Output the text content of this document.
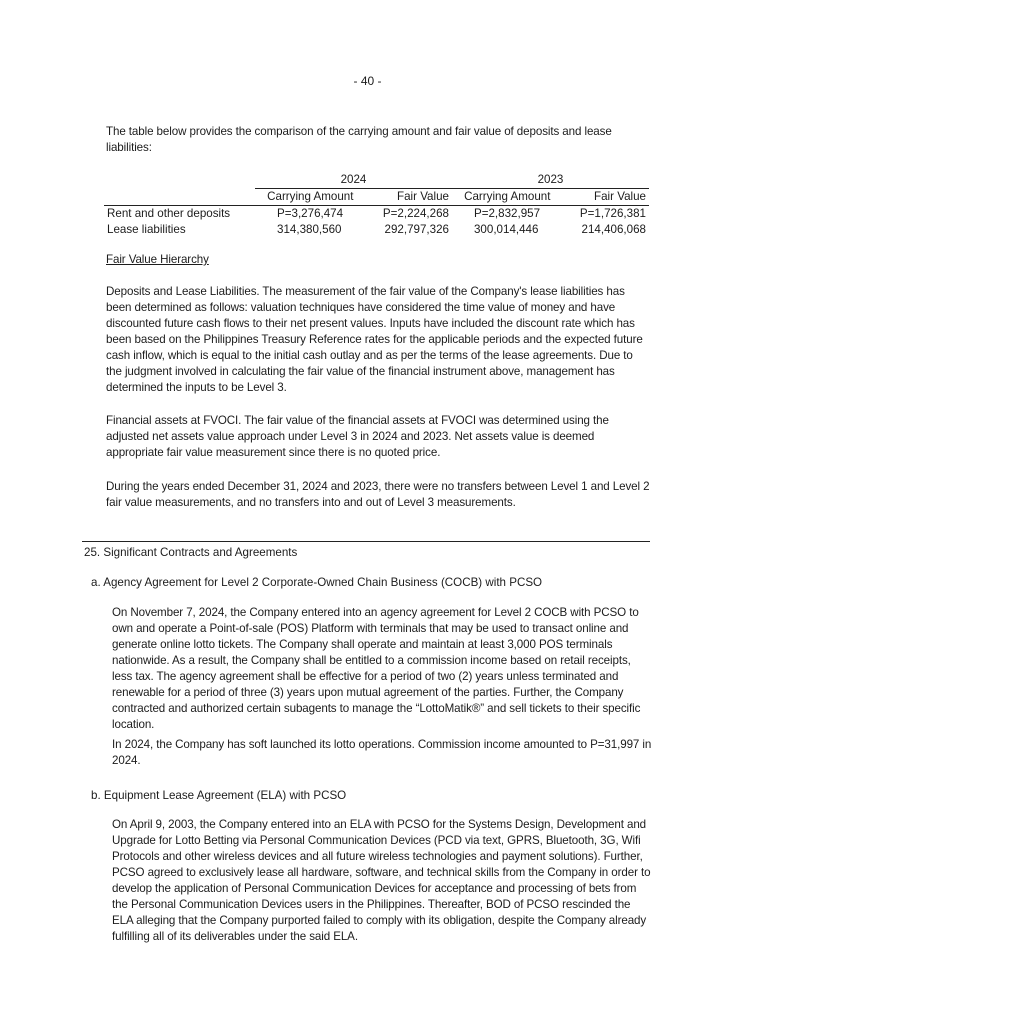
- 40 -

The table below provides the comparison of the carrying amount and fair value of deposits and lease liabilities:

	2024		2023	
	Carrying Amount	Fair Value	Carrying Amount	Fair Value
Rent and other deposits	P=3,276,474	P=2,224,268	P=2,832,957	P=1,726,381
Lease liabilities	314,380,560	292,797,326	300,014,446	214,406,068

Fair Value Hierarchy

Deposits and Lease Liabilities. The measurement of the fair value of the Company's lease liabilities has been determined as follows: valuation techniques have considered the time value of money and have discounted future cash flows to their net present values. Inputs have included the discount rate which has been based on the Philippines Treasury Reference rates for the applicable periods and the expected future cash inflow, which is equal to the initial cash outlay and as per the terms of the lease agreements. Due to the judgment involved in calculating the fair value of the financial instrument above, management has determined the inputs to be Level 3.

Financial assets at FVOCI. The fair value of the financial assets at FVOCI was determined using the adjusted net assets value approach under Level 3 in 2024 and 2023. Net assets value is deemed appropriate fair value measurement since there is no quoted price.

During the years ended December 31, 2024 and 2023, there were no transfers between Level 1 and Level 2 fair value measurements, and no transfers into and out of Level 3 measurements.

25. Significant Contracts and Agreements

a. Agency Agreement for Level 2 Corporate-Owned Chain Business (COCB) with PCSO

On November 7, 2024, the Company entered into an agency agreement for Level 2 COCB with PCSO to own and operate a Point-of-sale (POS) Platform with terminals that may be used to transact online and generate online lotto tickets. The Company shall operate and maintain at least 3,000 POS terminals nationwide. As a result, the Company shall be entitled to a commission income based on retail receipts, less tax. The agency agreement shall be effective for a period of two (2) years unless terminated and renewable for a period of three (3) years upon mutual agreement of the parties. Further, the Company contracted and authorized certain subagents to manage the “LottoMatik®” and sell tickets to their specific location.

In 2024, the Company has soft launched its lotto operations. Commission income amounted to P=31,997 in 2024.

b. Equipment Lease Agreement (ELA) with PCSO

On April 9, 2003, the Company entered into an ELA with PCSO for the Systems Design, Development and Upgrade for Lotto Betting via Personal Communication Devices (PCD via text, GPRS, Bluetooth, 3G, Wifi Protocols and other wireless devices and all future wireless technologies and payment solutions). Further, PCSO agreed to exclusively lease all hardware, software, and technical skills from the Company in order to develop the application of Personal Communication Devices for acceptance and processing of bets from the Personal Communication Devices users in the Philippines. Thereafter, BOD of PCSO rescinded the ELA alleging that the Company purported failed to comply with its obligation, despite the Company already fulfilling all of its deliverables under the said ELA.
